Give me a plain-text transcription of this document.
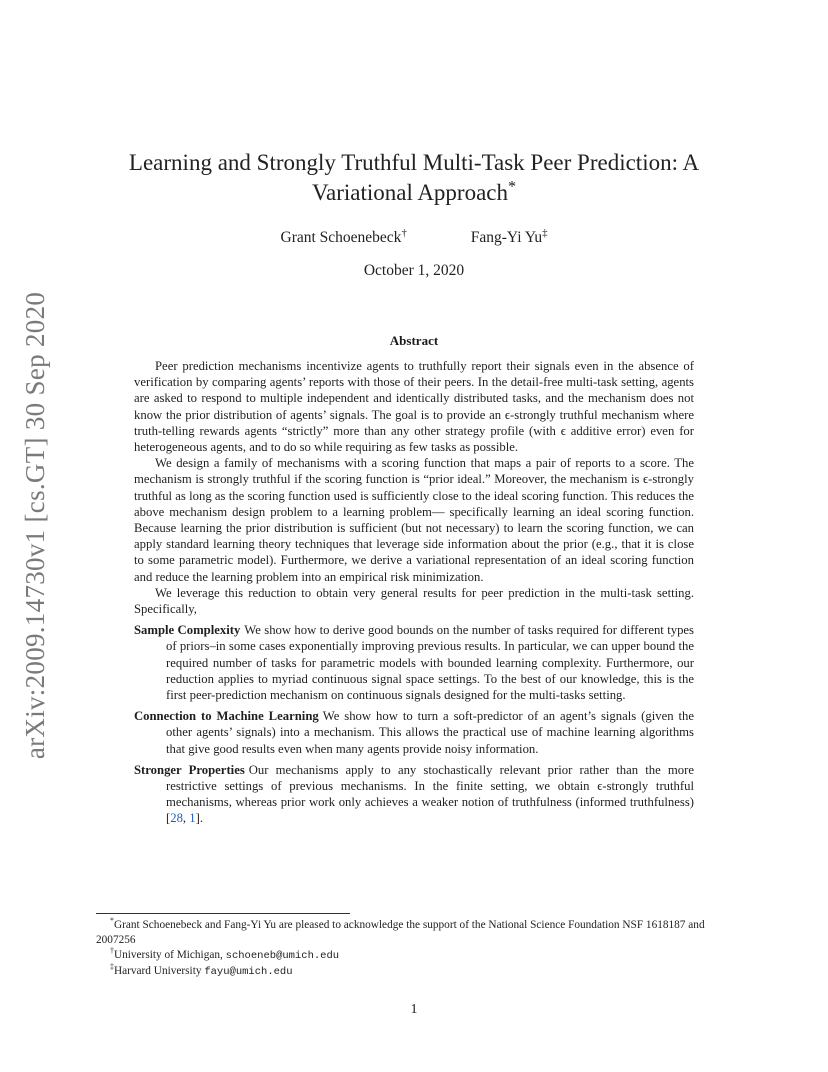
arXiv:2009.14730v1 [cs.GT] 30 Sep 2020
Learning and Strongly Truthful Multi-Task Peer Prediction: A
Variational Approach*
Grant Schoenebeck†	Fang-Yi Yu‡
October 1, 2020
Abstract

Peer prediction mechanisms incentivize agents to truthfully report their signals even in the absence of verification by comparing agents’ reports with those of their peers. In the detail-free multi-task setting, agents are asked to respond to multiple independent and identically distributed tasks, and the mechanism does not know the prior distribution of agents’ signals. The goal is to provide an ϵ-strongly truthful mechanism where truth-telling rewards agents “strictly” more than any other strategy profile (with ϵ additive error) even for heterogeneous agents, and to do so while requiring as few tasks as possible.

We design a family of mechanisms with a scoring function that maps a pair of reports to a score. The mechanism is strongly truthful if the scoring function is “prior ideal.” Moreover, the mechanism is ϵ-strongly truthful as long as the scoring function used is sufficiently close to the ideal scoring function. This reduces the above mechanism design problem to a learning problem— specifically learning an ideal scoring function. Because learning the prior distribution is sufficient (but not necessary) to learn the scoring function, we can apply standard learning theory techniques that leverage side information about the prior (e.g., that it is close to some parametric model). Furthermore, we derive a variational representation of an ideal scoring function and reduce the learning problem into an empirical risk minimization.

We leverage this reduction to obtain very general results for peer prediction in the multi-task setting. Specifically,

Sample Complexity We show how to derive good bounds on the number of tasks required for different types of priors–in some cases exponentially improving previous results. In particular, we can upper bound the required number of tasks for parametric models with bounded learning complexity. Furthermore, our reduction applies to myriad continuous signal space settings. To the best of our knowledge, this is the first peer-prediction mechanism on continuous signals designed for the multi-tasks setting.
Connection to Machine Learning We show how to turn a soft-predictor of an agent’s signals (given the other agents’ signals) into a mechanism. This allows the practical use of machine learning algorithms that give good results even when many agents provide noisy information.
Stronger Properties Our mechanisms apply to any stochastically relevant prior rather than the more restrictive settings of previous mechanisms. In the finite setting, we obtain ϵ-strongly truthful mechanisms, whereas prior work only achieves a weaker notion of truthfulness (informed truthfulness) [28, 1].

*Grant Schoenebeck and Fang-Yi Yu are pleased to acknowledge the support of the National Science Foundation NSF 1618187 and 2007256

†University of Michigan, schoeneb@umich.edu

‡Harvard University fayu@umich.edu

1
